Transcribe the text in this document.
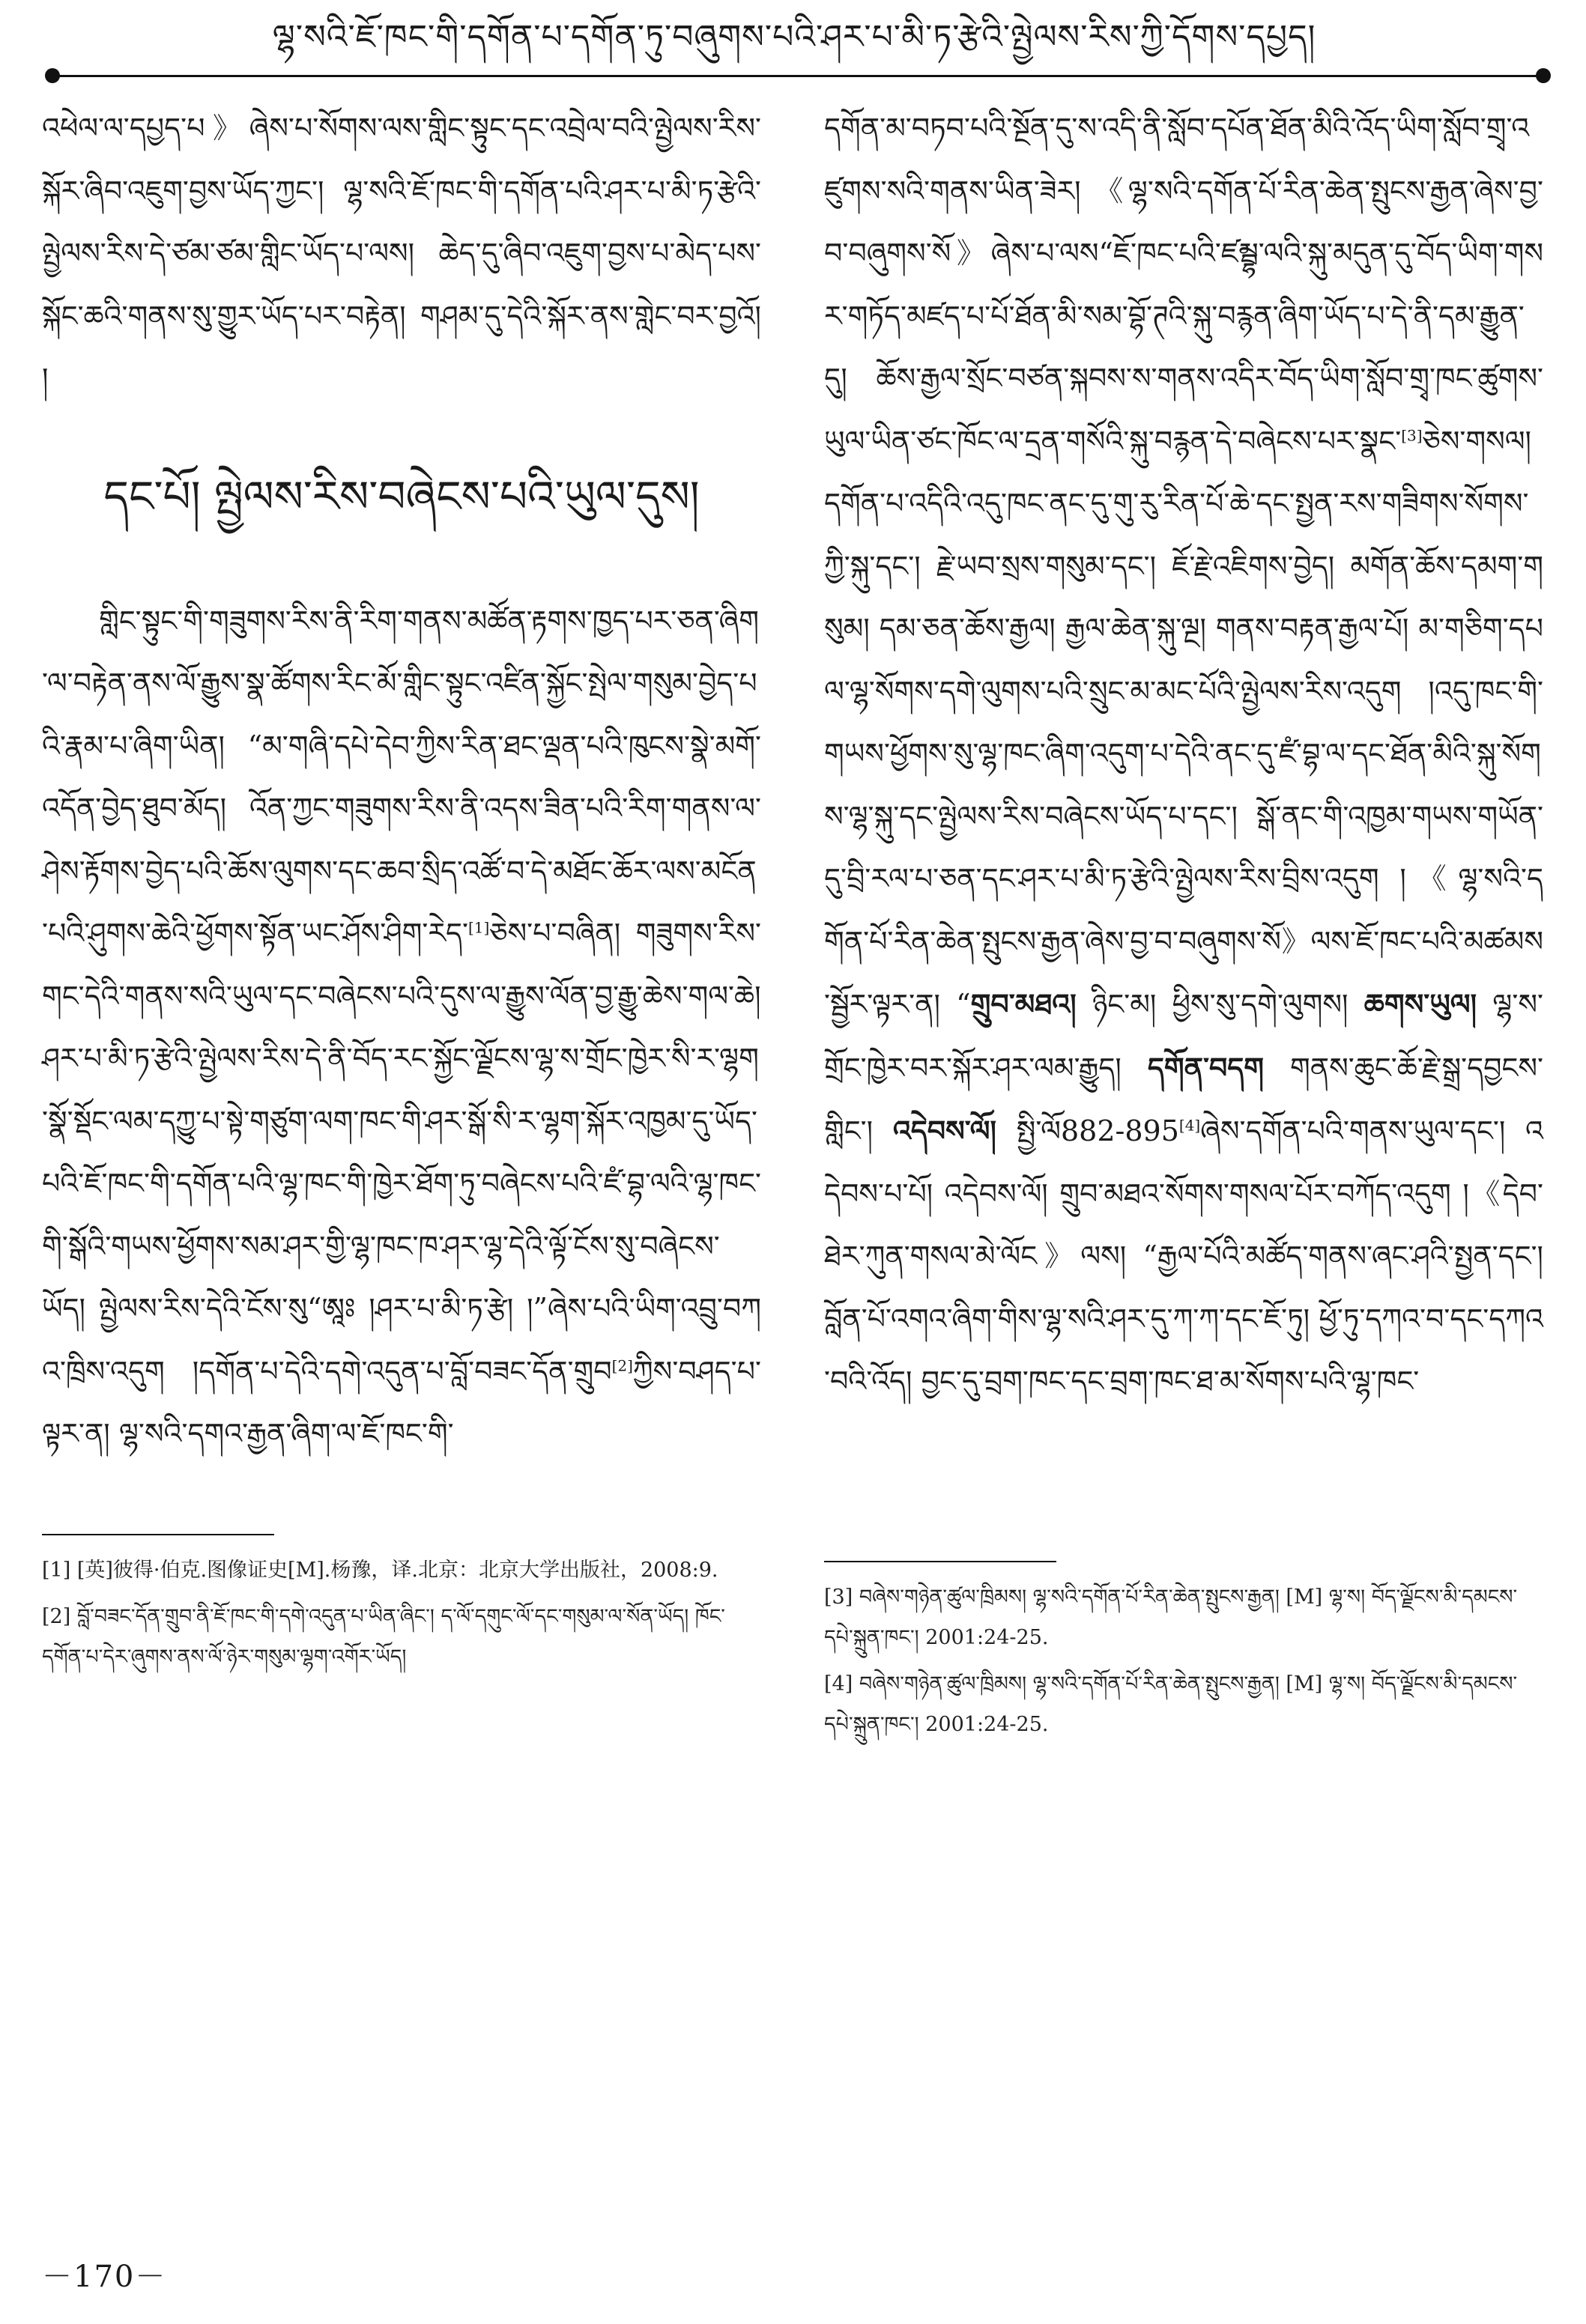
ལྷ་སའི་ཇོ་ཁང་གི་དགོན་པ་དགོན་ཏུ་བཞུགས་པའི་ཤར་པ་མི་ཏ་རྩེའི་ལྤྱེལས་རིས་ཀྱི་དོགས་དཔྱད།

འཕེལ་ལ་དཔྱད་པ》ཞེས་པ་སོགས་ལས་གླིང་སྟུང་དང་འབྲེལ་བའི་ལྤྱེལས་རིས་སྐོར་ཞིབ་འཇུག་བྱས་ཡོད་ཀྱང་། ལྷ་སའི་ཇོ་ཁང་གི་དགོན་པའི་ཤར་པ་མི་ཏ་རྩེའི་ལྤྱེལས་རིས་དེ་ཙམ་ཙམ་གླིང་ཡོད་པ་ལས། ཆེད་དུ་ཞིབ་འཇུག་བྱས་པ་མེད་པས་སྐོང་ཆའི་གནས་སུ་གྱུར་ཡོད་པར་བརྟེན། གཤམ་དུ་དེའི་སྐོར་ནས་གླེང་བར་བྱའོ། །

དང་པོ། ལྤྱེལས་རིས་བཞེངས་པའི་ཡུལ་དུས།

གླིང་སྟུང་གི་གཟུགས་རིས་ནི་རིག་གནས་མཚོན་རྟགས་ཁྱད་པར་ཅན་ཞིག་ལ་བརྟེན་ནས་ལོ་རྒྱུས་སྣ་ཚོགས་རིང་མོ་གླིང་སྟུང་འཛིན་སྐྱོང་སྤེལ་གསུམ་བྱེད་པའི་རྣམ་པ་ཞིག་ཡིན། “མ་གཞི་དཔེ་དེབ་ཀྱིས་རིན་ཐང་ལྡན་པའི་ཁུངས་སྣེ་མགོ་འདོན་བྱེད་ཐུབ་མོད། འོན་ཀྱང་གཟུགས་རིས་ནི་འདས་ཟིན་པའི་རིག་གནས་ལ་ཤེས་རྟོགས་བྱེད་པའི་ཆོས་ལུགས་དང་ཆབ་སྲིད་འཚོ་བ་དེ་མཐོང་ཆོར་ལས་མངོན་པའི་ཤུགས་ཆེའི་ཕྱོགས་སྟོན་ཡང་ཤོས་ཤིག་རེད་[1]ཅེས་པ་བཞིན། གཟུགས་རིས་གང་དེའི་གནས་སའི་ཡུལ་དང་བཞེངས་པའི་དུས་ལ་རྒྱུས་ལོན་བྱ་རྒྱུ་ཆེས་གལ་ཆེ། ཤར་པ་མི་ཏ་རྩེའི་ལྤྱེལས་རིས་དེ་ནི་བོད་རང་སྐྱོང་ལྗོངས་ལྷ་ས་གྲོང་ཁྱེར་སི་ར་ལྷག་སྣོ་སྡོང་ལམ་དཀྱུ་པ་སྟེ་གཙུག་ལག་ཁང་གི་ཤར་སྒོ་སི་ར་ལྷག་སྐོར་འཁྱམ་དུ་ཡོད་པའི་ཇོ་ཁང་གི་དགོན་པའི་ལྷ་ཁང་གི་ཁྱེར་ཐོག་ཏུ་བཞེངས་པའི་ཛཾ་བྷ་ལའི་ལྷ་ཁང་གི་སྒོའི་གཡས་ཕྱོགས་སམ་ཤར་གྱི་ལྷ་ཁང་ཁ་ཤར་ལྷ་དེའི་ལྟོ་ངོས་སུ་བཞེངས་ཡོད། ལྤྱེལས་རིས་དེའི་ངོས་སུ“ཨཱཿ །ཤར་པ་མི་ཏ་རྩེ། །”ཞེས་པའི་ཡིག་འབྲུ་བཀའ་ཁྲིས་འདུག །དགོན་པ་དེའི་དགེ་འདུན་པ་བློ་བཟང་དོན་གྲུབ[2]ཀྱིས་བཤད་པ་ལྟར་ན། ལྷ་སའི་དགའ་རྒྱན་ཞིག་ལ་ཇོ་ཁང་གི་

དགོན་མ་བཏབ་པའི་སྔོན་དུ་ས་འདི་ནི་སློབ་དཔོན་ཐོན་མིའི་འོད་ཡིག་སློབ་གྲྭ་འཛུགས་སའི་གནས་ཡིན་ཟེར། 《ལྷ་སའི་དགོན་པོ་རིན་ཆེན་སྤུངས་རྒྱན་ཞེས་བྱ་བ་བཞུགས་སོ》ཞེས་པ་ལས“ཇོ་ཁང་པའི་ཛམྦྷ་ལའི་སྐུ་མདུན་དུ་བོད་ཡིག་གསར་གཏོད་མཛད་པ་པོ་ཐོན་མི་སམ་བྷོ་ཊའི་སྐུ་བརྙན་ཞིག་ཡོད་པ་དེ་ནི་དམ་རྒྱུན་དུ། ཆོས་རྒྱལ་སྲོང་བཙན་སྐབས་ས་གནས་འདིར་བོད་ཡིག་སློབ་གྲྭ་ཁང་ཚུགས་ཡུལ་ཡིན་ཙང་ཁོང་ལ་དྲན་གསོའི་སྐུ་བརྙན་དེ་བཞེངས་པར་སྣང་[3]ཅེས་གསལ། དགོན་པ་འདིའི་འདུ་ཁང་ནང་དུ་གུ་རུ་རིན་པོ་ཆེ་དང་སྤྱན་རས་གཟིགས་སོགས་ཀྱི་སྐུ་དང་། རྗེ་ཡབ་སྲས་གསུམ་དང་། ཇོ་རྗེ་འཇིགས་བྱེད། མགོན་ཆོས་དམག་གསུམ། དམ་ཅན་ཆོས་རྒྱལ། རྒྱལ་ཆེན་སྐུ་ལྔ། གནས་བརྟན་རྒྱལ་པོ། མ་གཅིག་དཔལ་ལྷ་སོགས་དགེ་ལུགས་པའི་སྲུང་མ་མང་པོའི་ལྤྱེལས་རིས་འདུག །འདུ་ཁང་གི་གཡས་ཕྱོགས་སུ་ལྷ་ཁང་ཞིག་འདུག་པ་དེའི་ནང་དུ་ཛཾ་བྷ་ལ་དང་ཐོན་མིའི་སྐུ་སོགས་ལྷ་སྐུ་དང་ལྤྱེལས་རིས་བཞེངས་ཡོད་པ་དང་། སྒོ་ནང་གི་འཁྱམ་གཡས་གཡོན་དུ་བྲི་རལ་པ་ཅན་དང་ཤར་པ་མི་ཏ་རྩེའི་ལྤྱེལས་རིས་བྲིས་འདུག །《ལྷ་སའི་དགོན་པོ་རིན་ཆེན་སྤུངས་རྒྱན་ཞེས་བྱ་བ་བཞུགས་སོ》ལས་ཇོ་ཁང་པའི་མཚམས་སྦྱོར་ལྟར་ན། “གྲུབ་མཐའ། ཉིང་མ། ཕྱིས་སུ་དགེ་ལུགས། ཆགས་ཡུལ། ལྷ་ས་གྲོང་ཁྱེར་བར་སྐོར་ཤར་ལམ་རྒྱུད། དགོན་བདག གནས་ཆུང་ཆོ་རྗེ་སྒྲ་དབྱངས་གླིང་། འདེབས་ལོ། སྤྱི་ལོ882-895[4]ཞེས་དགོན་པའི་གནས་ཡུལ་དང་། འདེབས་པ་པོ། འདེབས་ལོ། གྲུབ་མཐའ་སོགས་གསལ་པོར་བཀོད་འདུག །《དེབ་ཐེར་ཀུན་གསལ་མེ་ལོང》ལས། “རྒྱལ་པོའི་མཚོད་གནས་ཞང་ཤའི་སྤྱན་དང་། བློན་པོ་འགའ་ཞིག་གིས་ལྷ་སའི་ཤར་དུ་ཀ་ཀ་དང་ཇོ་ཏུ། ཕྱོ་ཏུ་དཀའ་བ་དང་དཀའ་བའི་འོད། བྱང་དུ་བྲག་ཁང་དང་བྲག་ཁང་ཐ་མ་སོགས་པའི་ལྷ་ཁང་

[1] [英]彼得·伯克.图像证史[M].杨豫，译.北京：北京大学出版社，2008:9.

[2] བློ་བཟང་དོན་གྲུབ་ནི་ཇོ་ཁང་གི་དགེ་འདུན་པ་ཡིན་ཞིང་། ད་ལོ་དགུང་ལོ་དང་གསུམ་ལ་སོན་ཡོད། ཁོང་དགོན་པ་དེར་ཞུགས་ནས་ལོ་ཉེར་གསུམ་ལྷག་འགོར་ཡོད།

[3] བཞེས་གཉེན་ཚུལ་ཁྲིམས། ལྷ་སའི་དགོན་པོ་རིན་ཆེན་སྤུངས་རྒྱན། [M] ལྷ་ས། བོད་ལྗོངས་མི་དམངས་དཔེ་སྐྲུན་ཁང་། 2001:24-25.

[4] བཞེས་གཉེན་ཚུལ་ཁྲིམས། ལྷ་སའི་དགོན་པོ་རིན་ཆེན་སྤུངས་རྒྱན། [M] ལྷ་ས། བོད་ལྗོངས་མི་དམངས་དཔེ་སྐྲུན་ཁང་། 2001:24-25.

－170－
